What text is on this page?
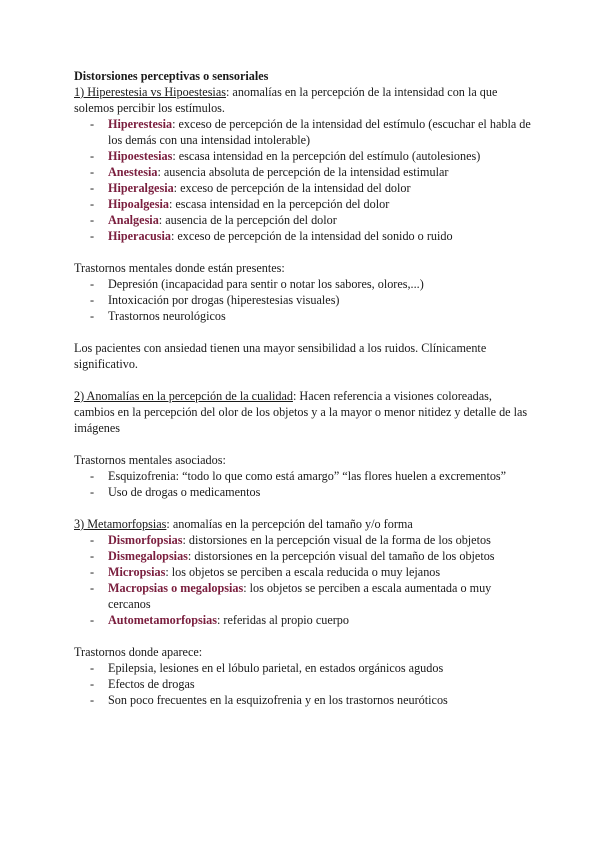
Distorsiones perceptivas o sensoriales

1) Hiperestesia vs Hipoestesias: anomalías en la percepción de la intensidad con la que solemos percibir los estímulos.

- Hiperestesia: exceso de percepción de la intensidad del estímulo (escuchar el habla de los demás con una intensidad intolerable)
- Hipoestesias: escasa intensidad en la percepción del estímulo (autolesiones)
- Anestesia: ausencia absoluta de percepción de la intensidad estimular
- Hiperalgesia: exceso de percepción de la intensidad del dolor
- Hipoalgesia: escasa intensidad en la percepción del dolor
- Analgesia: ausencia de la percepción del dolor
- Hiperacusia: exceso de percepción de la intensidad del sonido o ruido

Trastornos mentales donde están presentes:

- Depresión (incapacidad para sentir o notar los sabores, olores,...)
- Intoxicación por drogas (hiperestesias visuales)
- Trastornos neurológicos

Los pacientes con ansiedad tienen una mayor sensibilidad a los ruidos. Clínicamente significativo.

2) Anomalías en la percepción de la cualidad: Hacen referencia a visiones coloreadas, cambios en la percepción del olor de los objetos y a la mayor o menor nitidez y detalle de las imágenes

Trastornos mentales asociados:

- Esquizofrenia: “todo lo que como está amargo” “las flores huelen a excrementos”
- Uso de drogas o medicamentos

3) Metamorfopsias: anomalías en la percepción del tamaño y/o forma

- Dismorfopsias: distorsiones en la percepción visual de la forma de los objetos
- Dismegalopsias: distorsiones en la percepción visual del tamaño de los objetos
- Micropsias: los objetos se perciben a escala reducida o muy lejanos
- Macropsias o megalopsias: los objetos se perciben a escala aumentada o muy cercanos
- Autometamorfopsias: referidas al propio cuerpo

Trastornos donde aparece:

- Epilepsia, lesiones en el lóbulo parietal, en estados orgánicos agudos
- Efectos de drogas
- Son poco frecuentes en la esquizofrenia y en los trastornos neuróticos
